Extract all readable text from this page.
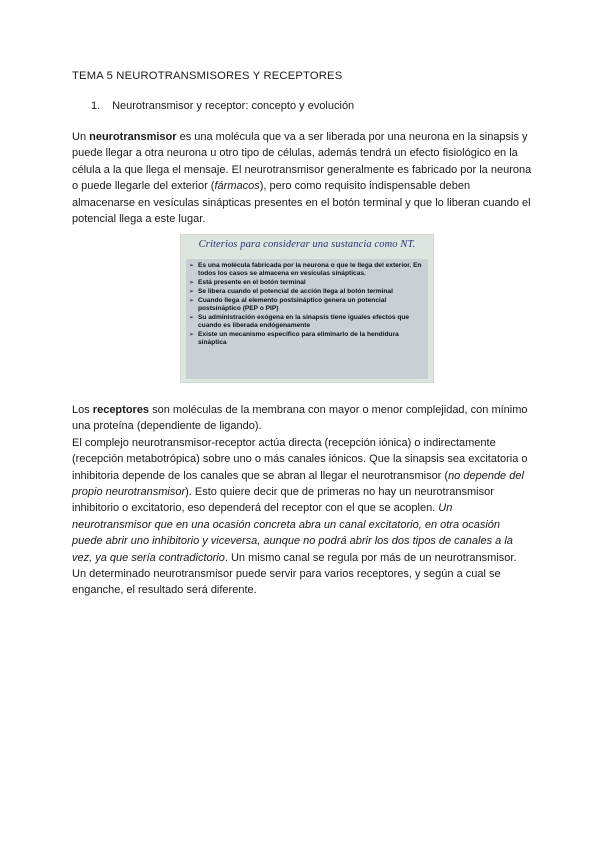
TEMA 5 NEUROTRANSMISORES Y RECEPTORES
1. Neurotransmisor y receptor: concepto y evolución

Un neurotransmisor es una molécula que va a ser liberada por una neurona en la sinapsis y puede llegar a otra neurona u otro tipo de células, además tendrá un efecto fisiológico en la célula a la que llega el mensaje. El neurotransmisor generalmente es fabricado por la neurona o puede llegarle del exterior (fármacos), pero como requisito indispensable deben almacenarse en vesículas sinápticas presentes en el botón terminal y que lo liberan cuando el potencial llega a este lugar.

Criterios para considerar una sustancia como NT.
➢ Es una molécula fabricada por la neurona o que le llega del exterior. En todos los casos se almacena en vesículas sinápticas.
➢ Está presente en el botón terminal
➢ Se libera cuando el potencial de acción llega al botón terminal
➢ Cuando llega al elemento postsináptico genera un potencial postsináptico (PEP o PIP)
➢ Su administración exógena en la sinapsis tiene iguales efectos que cuando es liberada endógenamente
➢ Existe un mecanismo específico para eliminarlo de la hendidura sináptica

Los receptores son moléculas de la membrana con mayor o menor complejidad, con mínimo una proteína (dependiente de ligando).
El complejo neurotransmisor-receptor actúa directa (recepción iónica) o indirectamente (recepción metabotrópica) sobre uno o más canales iónicos. Que la sinapsis sea excitatoria o inhibitoria depende de los canales que se abran al llegar el neurotransmisor (no depende del propio neurotransmisor). Esto quiere decir que de primeras no hay un neurotransmisor inhibitorio o excitatorio, eso dependerá del receptor con el que se acoplen. Un neurotransmisor que en una ocasión concreta abra un canal excitatorio, en otra ocasión puede abrir uno inhibitorio y viceversa, aunque no podrá abrir los dos tipos de canales a la vez, ya que sería contradictorio. Un mismo canal se regula por más de un neurotransmisor.
Un determinado neurotransmisor puede servir para varios receptores, y según a cual se enganche, el resultado será diferente.
